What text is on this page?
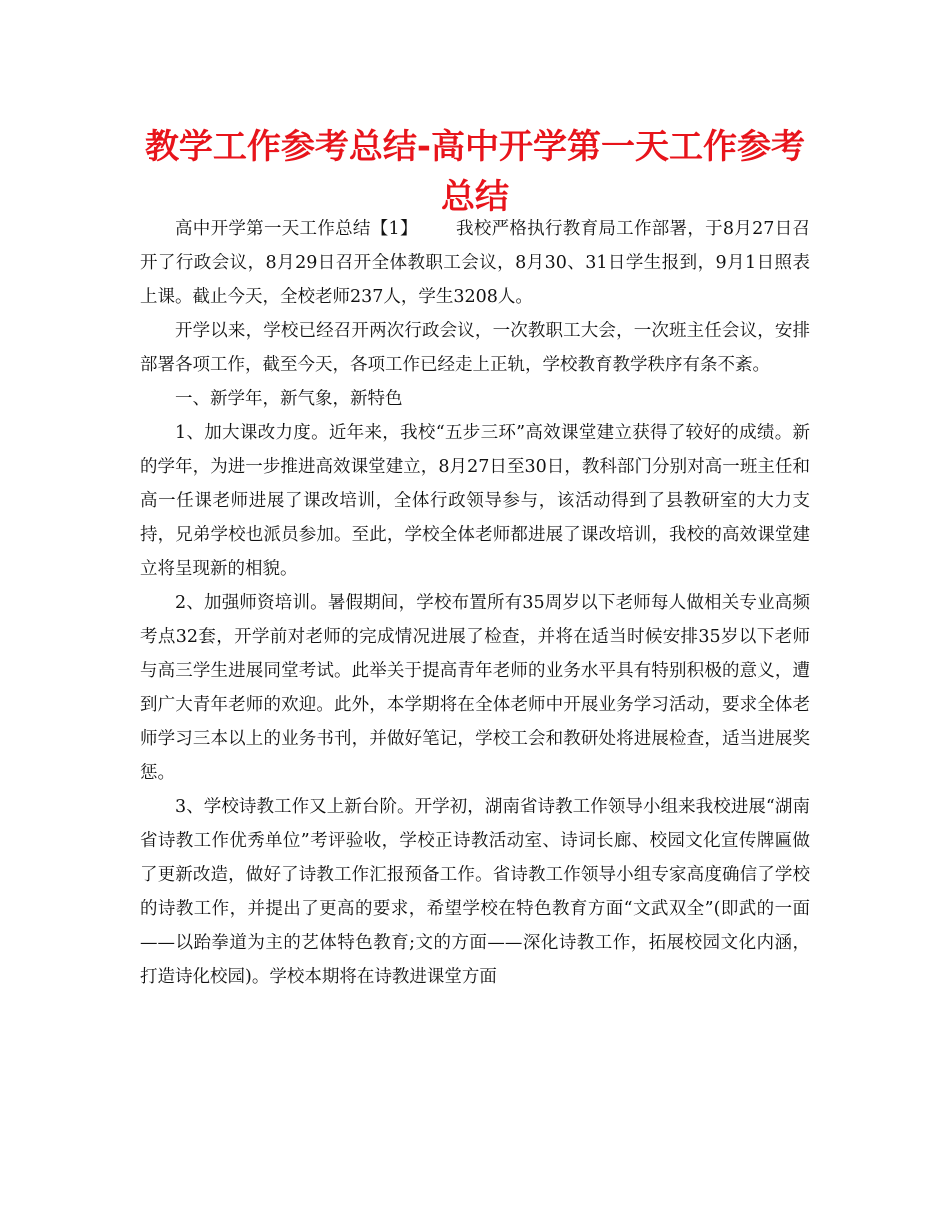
教学工作参考总结-高中开学第一天工作参考总结

高中开学第一天工作总结【1】 我校严格执行教育局工作部署，于8月27日召开了行政会议，8月29日召开全体教职工会议，8月30、31日学生报到，9月1日照表上课。截止今天，全校老师237人，学生3208人。

开学以来，学校已经召开两次行政会议，一次教职工大会，一次班主任会议，安排部署各项工作，截至今天，各项工作已经走上正轨，学校教育教学秩序有条不紊。

一、新学年，新气象，新特色

1、加大课改力度。近年来，我校“五步三环”高效课堂建立获得了较好的成绩。新的学年，为进一步推进高效课堂建立，8月27日至30日，教科部门分别对高一班主任和高一任课老师进展了课改培训，全体行政领导参与，该活动得到了县教研室的大力支持，兄弟学校也派员参加。至此，学校全体老师都进展了课改培训，我校的高效课堂建立将呈现新的相貌。

2、加强师资培训。暑假期间，学校布置所有35周岁以下老师每人做相关专业高频考点32套，开学前对老师的完成情况进展了检查，并将在适当时候安排35岁以下老师与高三学生进展同堂考试。此举关于提高青年老师的业务水平具有特别积极的意义，遭到广大青年老师的欢迎。此外，本学期将在全体老师中开展业务学习活动，要求全体老师学习三本以上的业务书刊，并做好笔记，学校工会和教研处将进展检查，适当进展奖惩。

3、学校诗教工作又上新台阶。开学初，湖南省诗教工作领导小组来我校进展“湖南省诗教工作优秀单位”考评验收，学校正诗教活动室、诗词长廊、校园文化宣传牌匾做了更新改造，做好了诗教工作汇报预备工作。省诗教工作领导小组专家高度确信了学校的诗教工作，并提出了更高的要求，希望学校在特色教育方面“文武双全”(即武的一面——以跆拳道为主的艺体特色教育;文的方面——深化诗教工作，拓展校园文化内涵，打造诗化校园)。学校本期将在诗教进课堂方面
